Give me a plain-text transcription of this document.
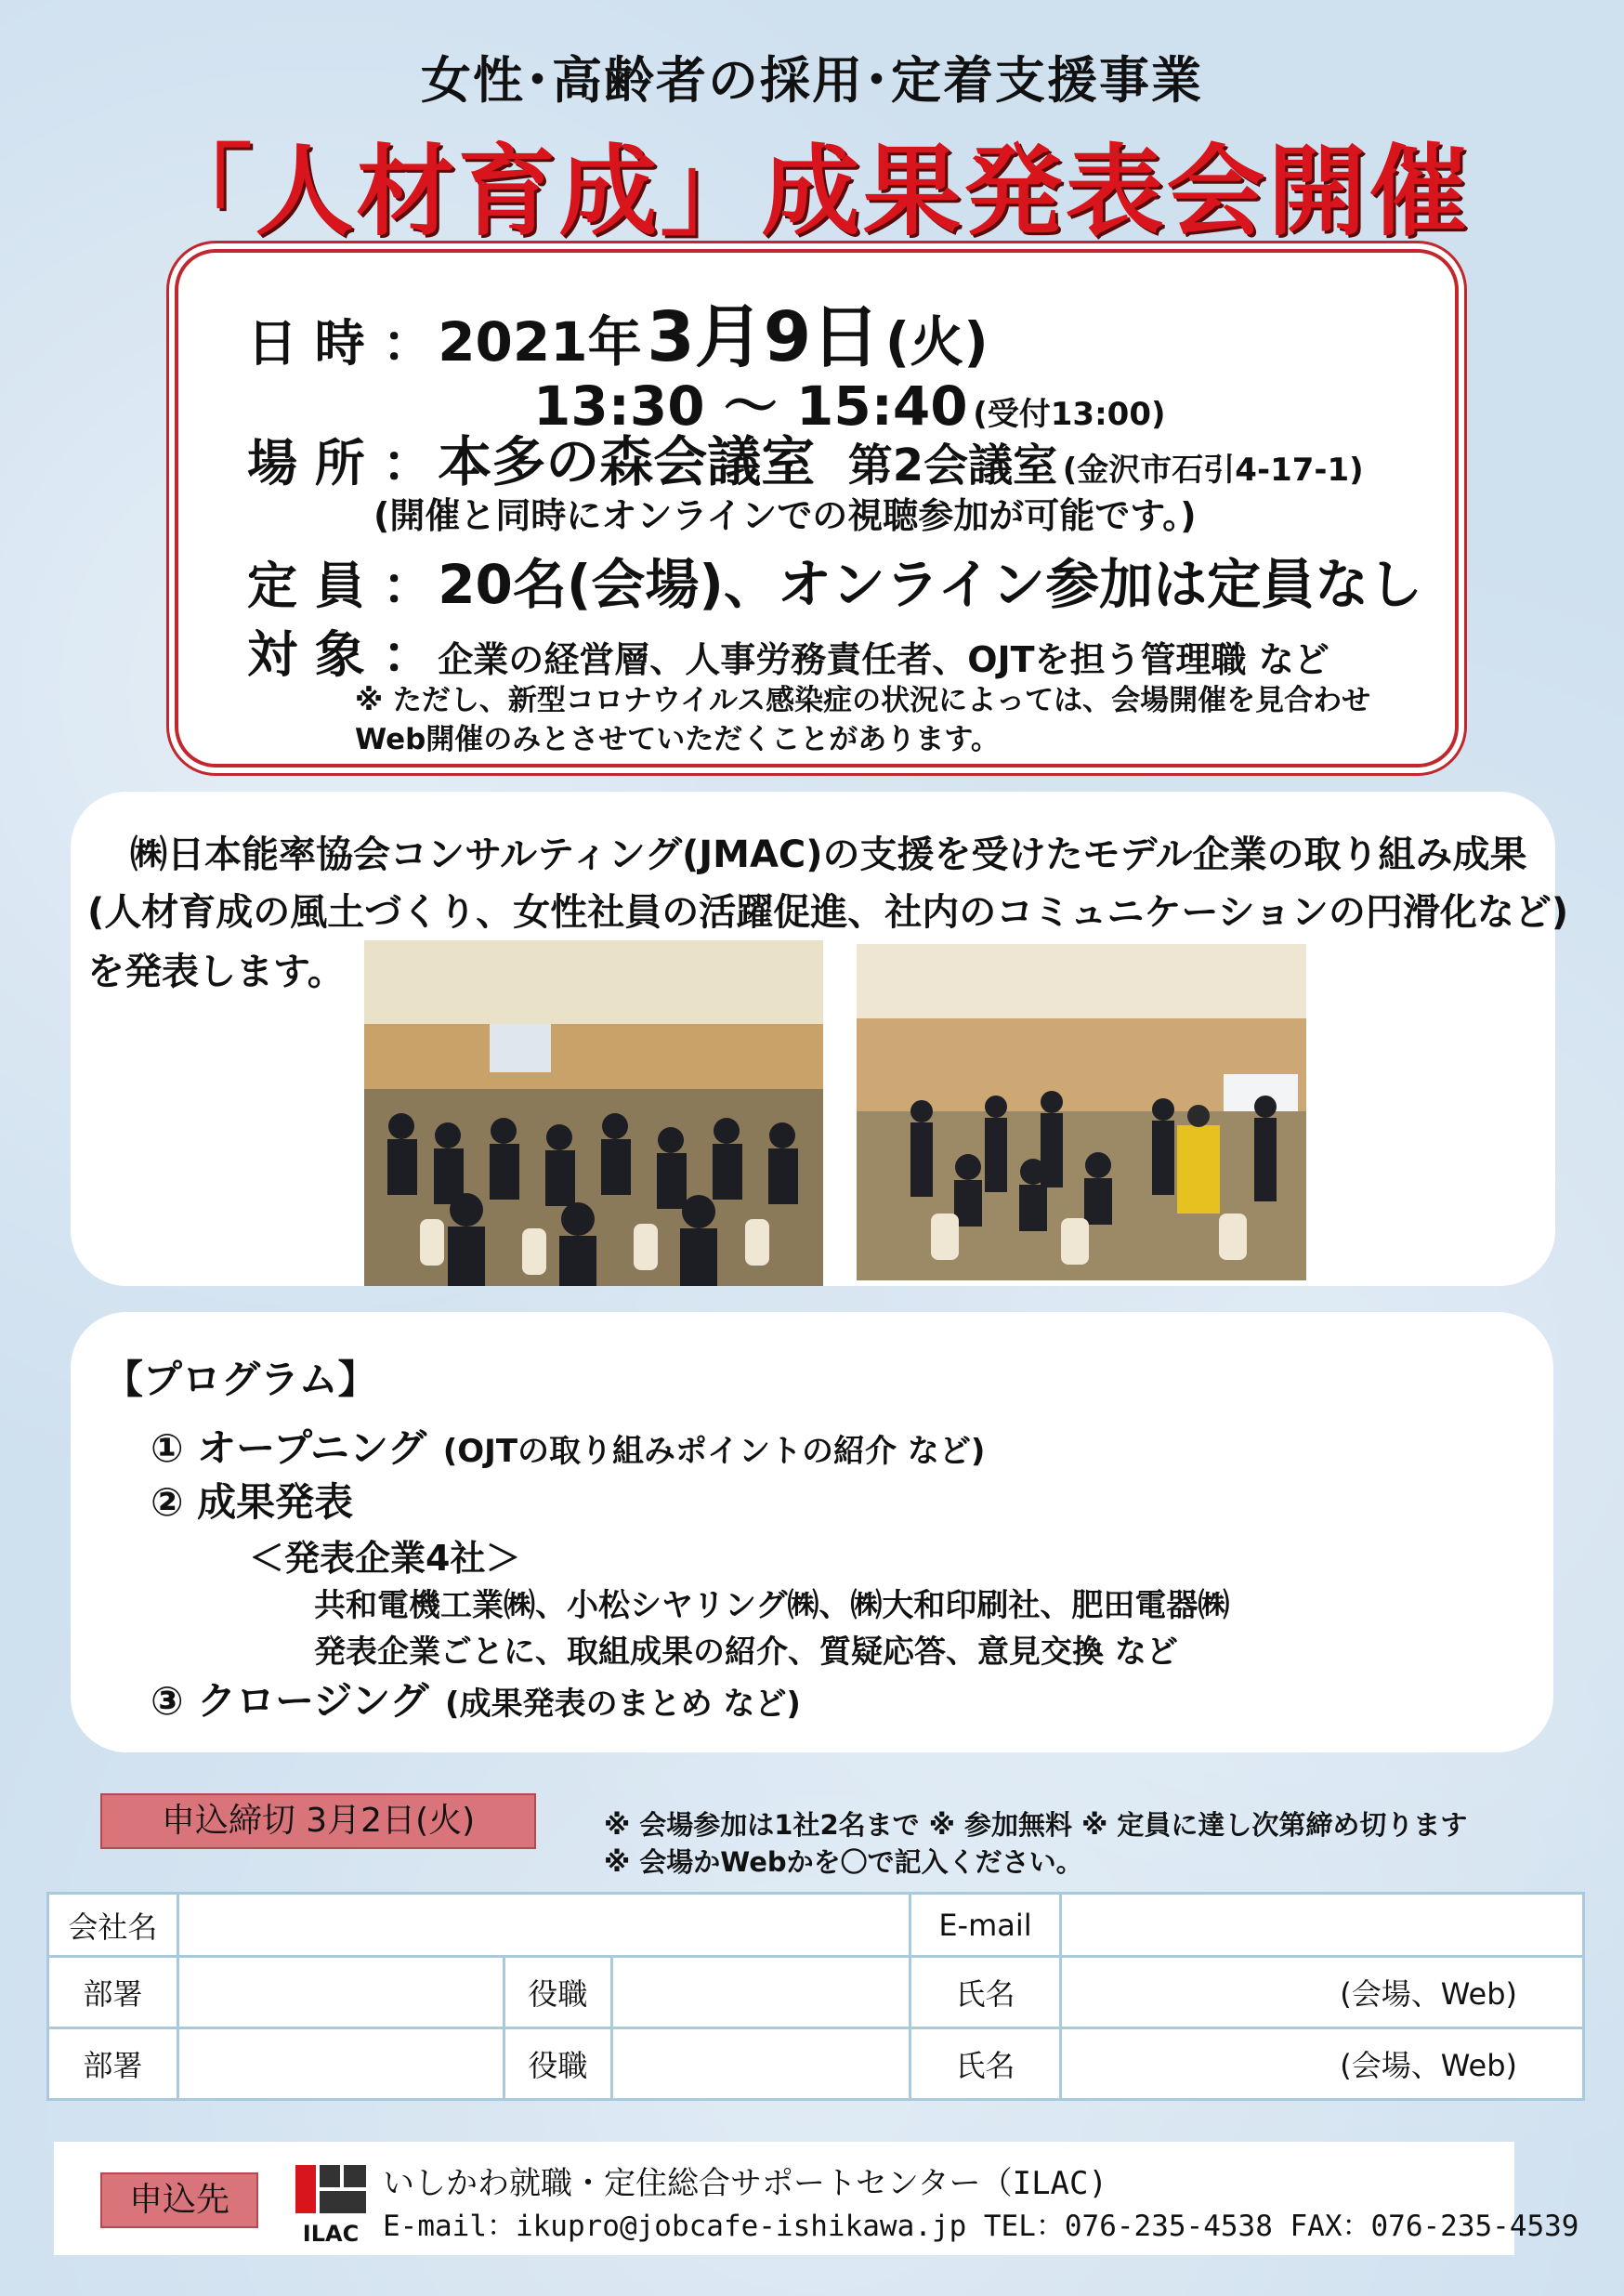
女性･高齢者の採用･定着支援事業
「人材育成」成果発表会開催
日 時 ： 2021年 3月9日 (火)
13:30 ～ 15:40 (受付13:00)
場 所 ： 本多の森会議室 第2会議室 (金沢市石引4-17-1)
(開催と同時にオンラインでの視聴参加が可能です。)
定 員 ： 20名(会場)、オンライン参加は定員なし
対 象 ： 企業の経営層、人事労務責任者、OJTを担う管理職 など
※ ただし、新型コロナウイルス感染症の状況によっては、会場開催を見合わせ
Web開催のみとさせていただくことがあります。
㈱日本能率協会コンサルティング(JMAC)の支援を受けたモデル企業の取り組み成果
(人材育成の風土づくり、女性社員の活躍促進、社内のコミュニケーションの円滑化など)
を発表します。
【プログラム】
① オープニング (OJTの取り組みポイントの紹介 など)
② 成果発表
＜発表企業4社＞
共和電機工業㈱、小松シヤリング㈱、㈱大和印刷社、肥田電器㈱
発表企業ごとに、取組成果の紹介、質疑応答、意見交換 など
③ クロージング (成果発表のまとめ など)
申込締切 3月2日(火)	※ 会場参加は1社2名まで ※ 参加無料 ※ 定員に達し次第締め切ります
※ 会場かWebかを〇で記入ください。
会社名				E-mail	
部署		役職		氏名	(会場、Web)
部署		役職		氏名	(会場、Web)
申込先
ILAC
いしかわ就職・定住総合サポートセンター（ILAC)
E-mail：ikupro@jobcafe-ishikawa.jp TEL：076-235-4538 FAX：076-235-4539
